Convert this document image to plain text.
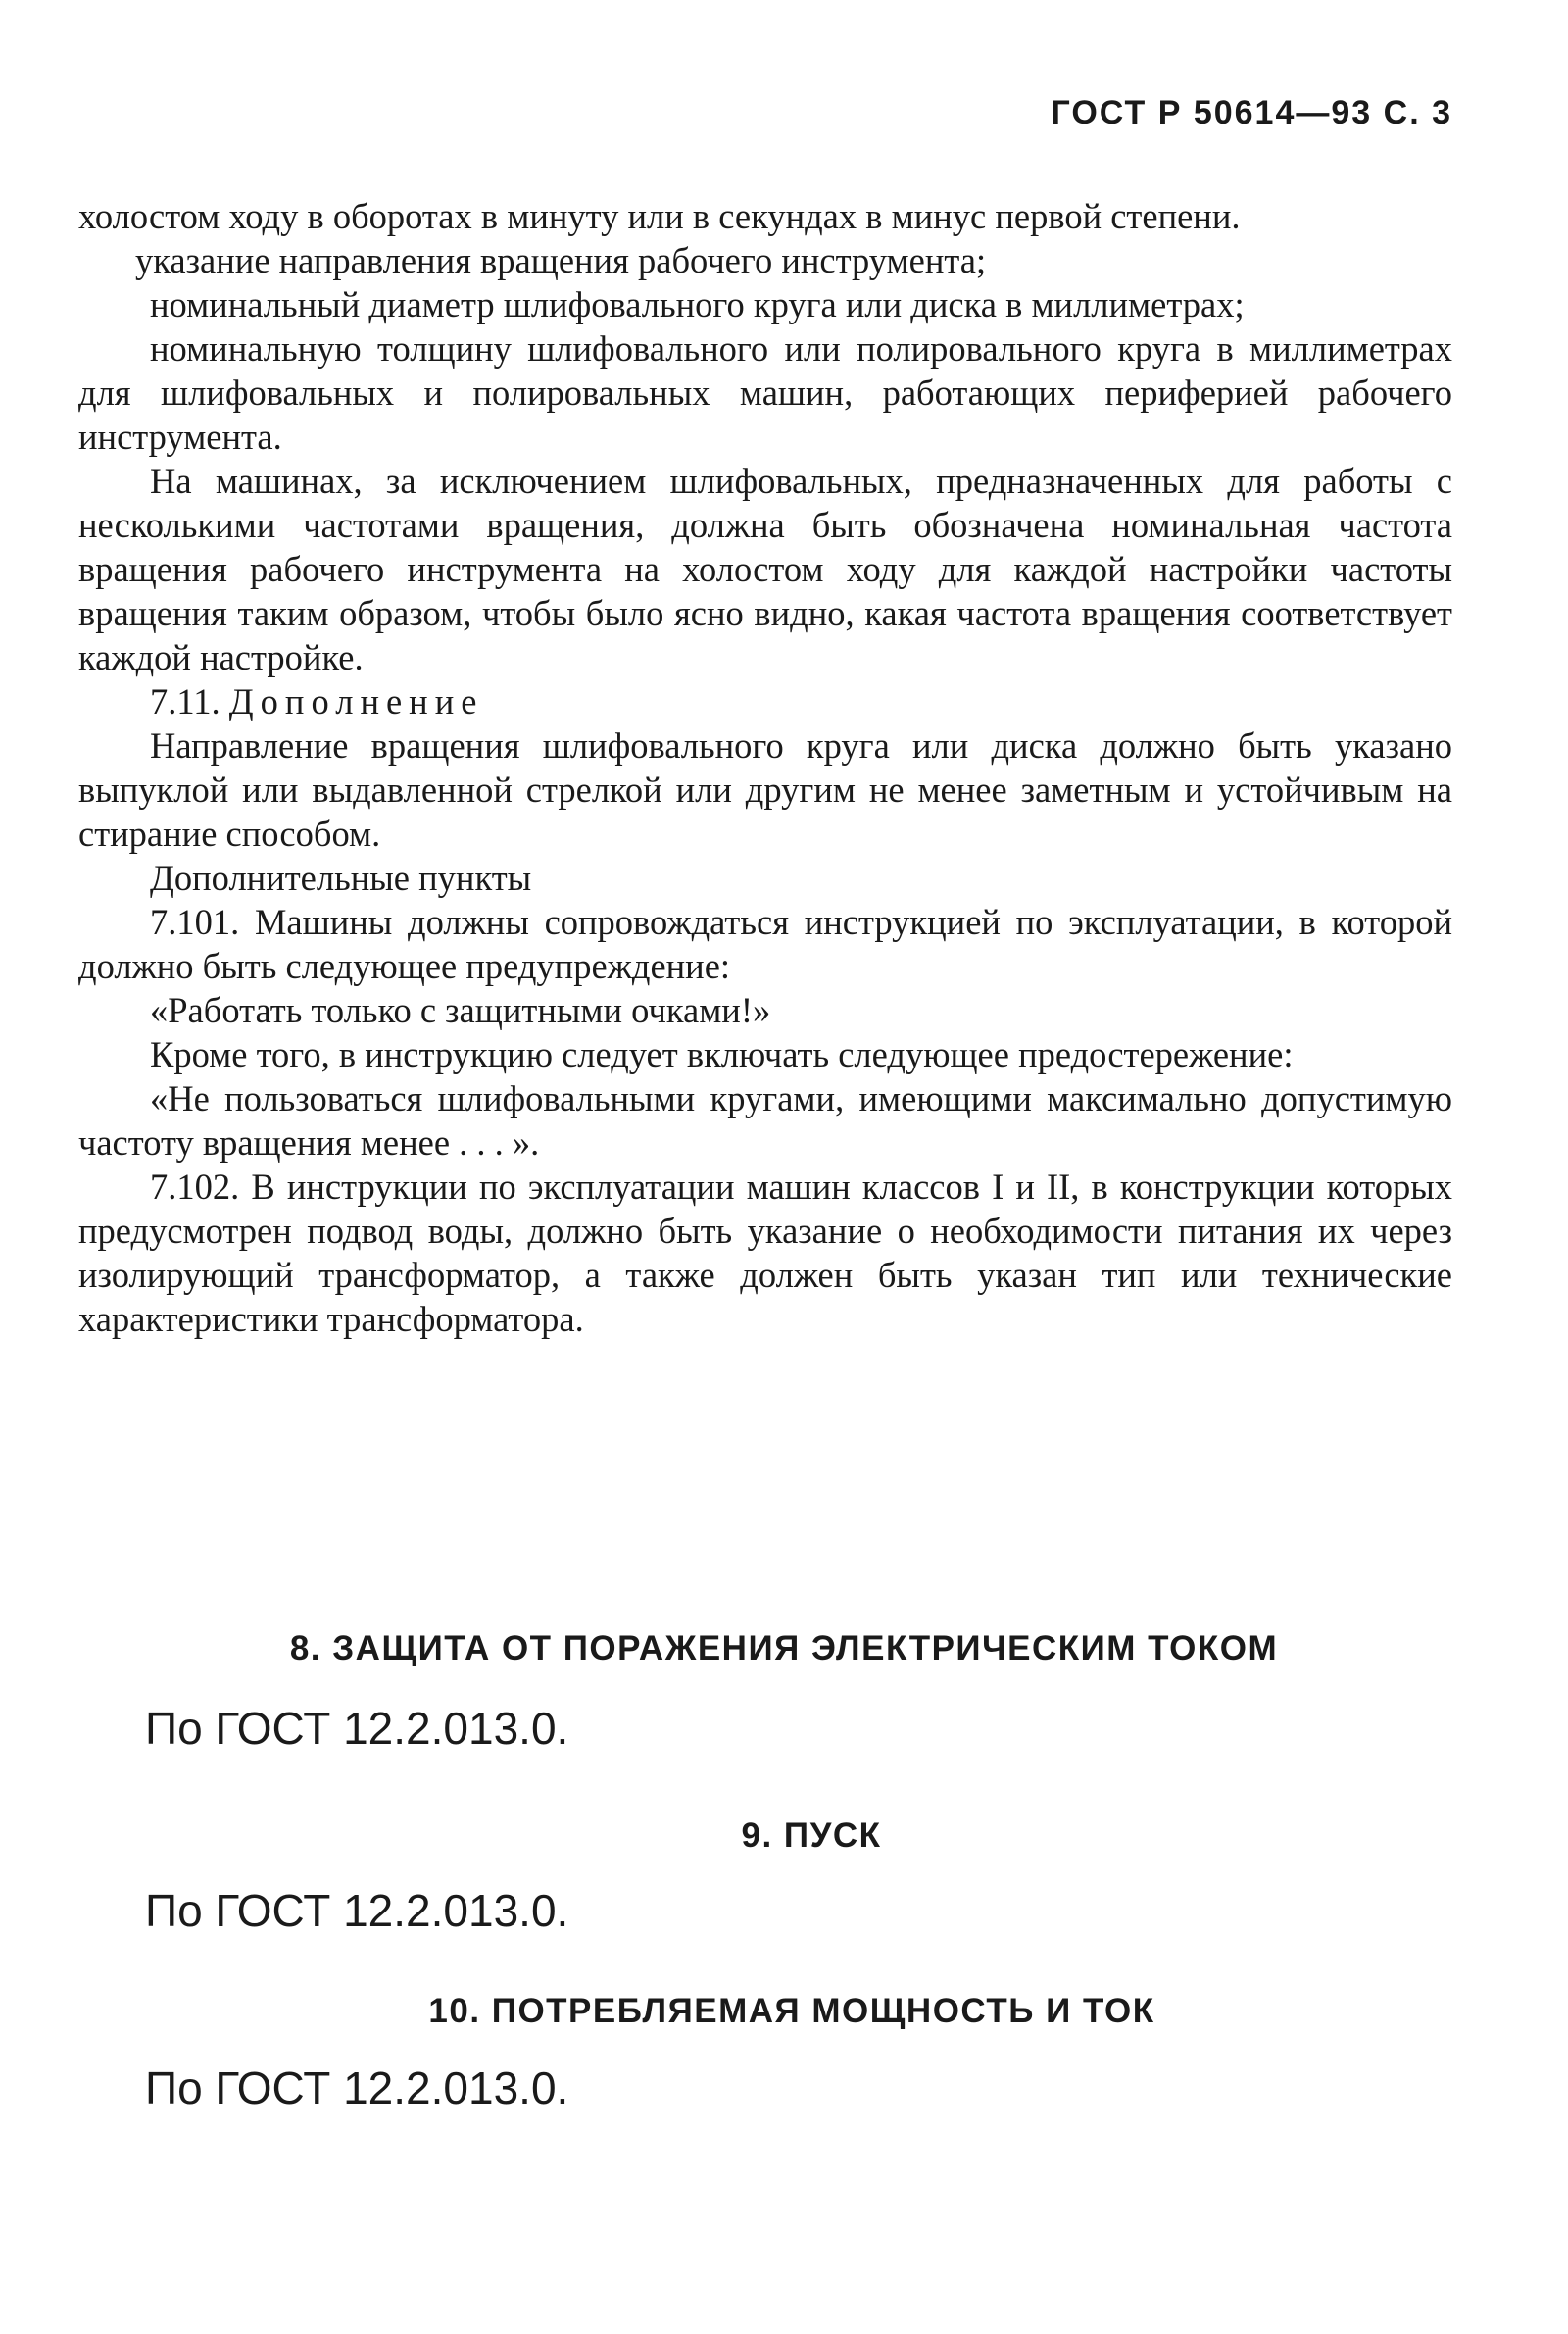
ГОСТ Р 50614—93 С. 3

холостом ходу в оборотах в минуту или в секундах в минус первой степени.

указание направления вращения рабочего инструмента;

номинальный диаметр шлифовального круга или диска в миллиметрах;

номинальную толщину шлифовального или полировального круга в миллиметрах для шлифовальных и полировальных машин, работающих периферией рабочего инструмента.

На машинах, за исключением шлифовальных, предназначенных для работы с несколькими частотами вращения, должна быть обозначена номинальная частота вращения рабочего инструмента на холостом ходу для каждой настройки частоты вращения таким образом, чтобы было ясно видно, какая частота вращения соответствует каждой настройке.

7.11. Дополнение

Направление вращения шлифовального круга или диска должно быть указано выпуклой или выдавленной стрелкой или другим не менее заметным и устойчивым на стирание способом.

Дополнительные пункты

7.101. Машины должны сопровождаться инструкцией по эксплуатации, в которой должно быть следующее предупреждение:

«Работать только с защитными очками!»

Кроме того, в инструкцию следует включать следующее предостережение:

«Не пользоваться шлифовальными кругами, имеющими максимально допустимую частоту вращения менее . . . ».

7.102. В инструкции по эксплуатации машин классов I и II, в конструкции которых предусмотрен подвод воды, должно быть указание о необходимости питания их через изолирующий трансформатор, а также должен быть указан тип или технические характеристики трансформатора.

8. ЗАЩИТА ОТ ПОРАЖЕНИЯ ЭЛЕКТРИЧЕСКИМ ТОКОМ
По ГОСТ 12.2.013.0.
9. ПУСК
По ГОСТ 12.2.013.0.
10. ПОТРЕБЛЯЕМАЯ МОЩНОСТЬ И ТОК
По ГОСТ 12.2.013.0.
